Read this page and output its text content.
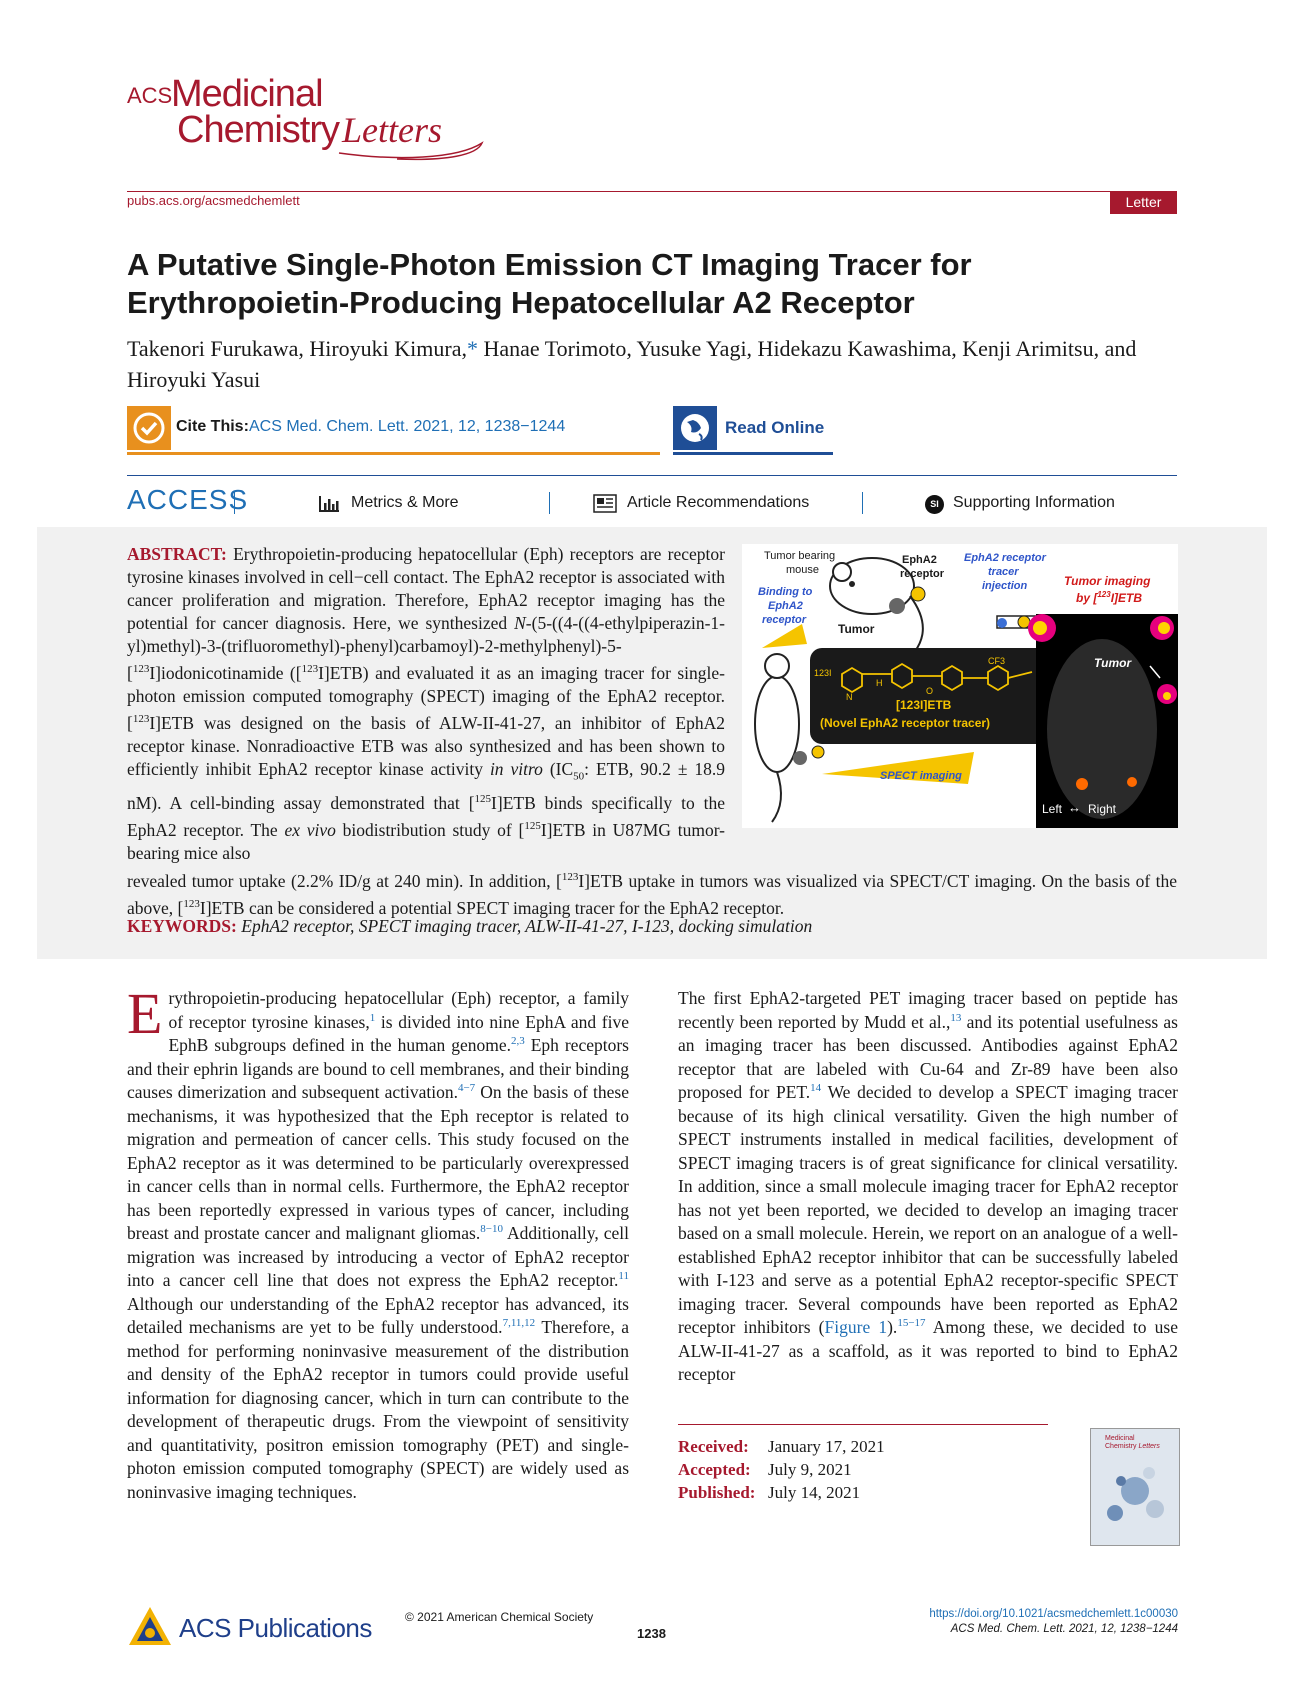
ACS
Medicinal
Chemistry Letters
pubs.acs.org/acsmedchemlett	Letter
A Putative Single-Photon Emission CT Imaging Tracer for Erythropoietin-Producing Hepatocellular A2 Receptor
Takenori Furukawa, Hiroyuki Kimura,* Hanae Torimoto, Yusuke Yagi, Hidekazu Kawashima, Kenji Arimitsu, and Hiroyuki Yasui
Cite This: ACS Med. Chem. Lett. 2021, 12, 1238−1244	Read Online
ACCESS	Metrics & More	Article Recommendations	SI Supporting Information
ABSTRACT: Erythropoietin-producing hepatocellular (Eph) receptors are receptor tyrosine kinases involved in cell−cell contact. The EphA2 receptor is associated with cancer proliferation and migration. Therefore, EphA2 receptor imaging has the potential for cancer diagnosis. Here, we synthesized N-(5-((4-((4-ethylpiperazin-1-yl)methyl)-3-(trifluoromethyl)-phenyl)carbamoyl)-2-methylphenyl)-5-[$^{123}$I]iodonicotinamide ([$^{123}$I]ETB) and evaluated it as an imaging tracer for single-photon emission computed tomography (SPECT) imaging of the EphA2 receptor. [$^{123}$I]ETB was designed on the basis of ALW-II-41-27, an inhibitor of EphA2 receptor kinase. Nonradioactive ETB was also synthesized and has been shown to efficiently inhibit EphA2 receptor kinase activity in vitro ($IC_{50}$: ETB, 90.2 ± 18.9 nM). A cell-binding assay demonstrated that [$^{125}$I]ETB binds specifically to the EphA2 receptor. The ex vivo biodistribution study of [$^{125}$I]ETB in U87MG tumor-bearing mice also
revealed tumor uptake (2.2% ID/g at 240 min). In addition, [$^{123}$I]ETB uptake in tumors was visualized via SPECT/CT imaging. On the basis of the above, [$^{123}$I]ETB can be considered a potential SPECT imaging tracer for the EphA2 receptor.
KEYWORDS: EphA2 receptor, SPECT imaging tracer, ALW-II-41-27, I-123, docking simulation
Tumor bearing
mouse
EphA2
receptor
Binding to
EphA2
receptor
EphA2 receptor
tracer
injection	Tumor imaging
by [$^{123}$I]ETB
Tumor
Tumor
123I
CF3
N
H
O
[123I]ETB
(Novel EphA2 receptor tracer)
SPECT imaging
Left ↔ Right
Erythropoietin-producing hepatocellular (Eph) receptor, a family of receptor tyrosine kinases,$^1$ is divided into nine EphA and five EphB subgroups defined in the human genome.$^{2,3}$ Eph receptors and their ephrin ligands are bound to cell membranes, and their binding causes dimerization and subsequent activation.$^{4-7}$ On the basis of these mechanisms, it was hypothesized that the Eph receptor is related to migration and permeation of cancer cells. This study focused on the EphA2 receptor as it was determined to be particularly overexpressed in cancer cells than in normal cells. Furthermore, the EphA2 receptor has been reportedly expressed in various types of cancer, including breast and prostate cancer and malignant gliomas.$^{8-10}$ Additionally, cell migration was increased by introducing a vector of EphA2 receptor into a cancer cell line that does not express the EphA2 receptor.$^{11}$ Although our understanding of the EphA2 receptor has advanced, its detailed mechanisms are yet to be fully understood.$^{7,11,12}$ Therefore, a method for performing noninvasive measurement of the distribution and density of the EphA2 receptor in tumors could provide useful information for diagnosing cancer, which in turn can contribute to the development of therapeutic drugs. From the viewpoint of sensitivity and quantitativity, positron emission tomography (PET) and single-photon emission computed tomography (SPECT) are widely used as noninvasive imaging techniques.
The first EphA2-targeted PET imaging tracer based on peptide has recently been reported by Mudd et al.,$^{13}$ and its potential usefulness as an imaging tracer has been discussed. Antibodies against EphA2 receptor that are labeled with Cu-64 and Zr-89 have been also proposed for PET.$^{14}$ We decided to develop a SPECT imaging tracer because of its high clinical versatility. Given the high number of SPECT instruments installed in medical facilities, development of SPECT imaging tracers is of great significance for clinical versatility. In addition, since a small molecule imaging tracer for EphA2 receptor has not yet been reported, we decided to develop an imaging tracer based on a small molecule. Herein, we report on an analogue of a well-established EphA2 receptor inhibitor that can be successfully labeled with I-123 and serve as a potential EphA2 receptor-specific SPECT imaging tracer. Several compounds have been reported as EphA2 receptor inhibitors (Figure 1).$^{15-17}$ Among these, we decided to use ALW-II-41-27 as a scaffold, as it was reported to bind to EphA2 receptor
Received: January 17, 2021
Accepted: July 9, 2021
Published: July 14, 2021
Medicinal
Chemistry Letters
ACS Publications	© 2021 American Chemical Society
1238
https://doi.org/10.1021/acsmedchemlett.1c00030
ACS Med. Chem. Lett. 2021, 12, 1238−1244
